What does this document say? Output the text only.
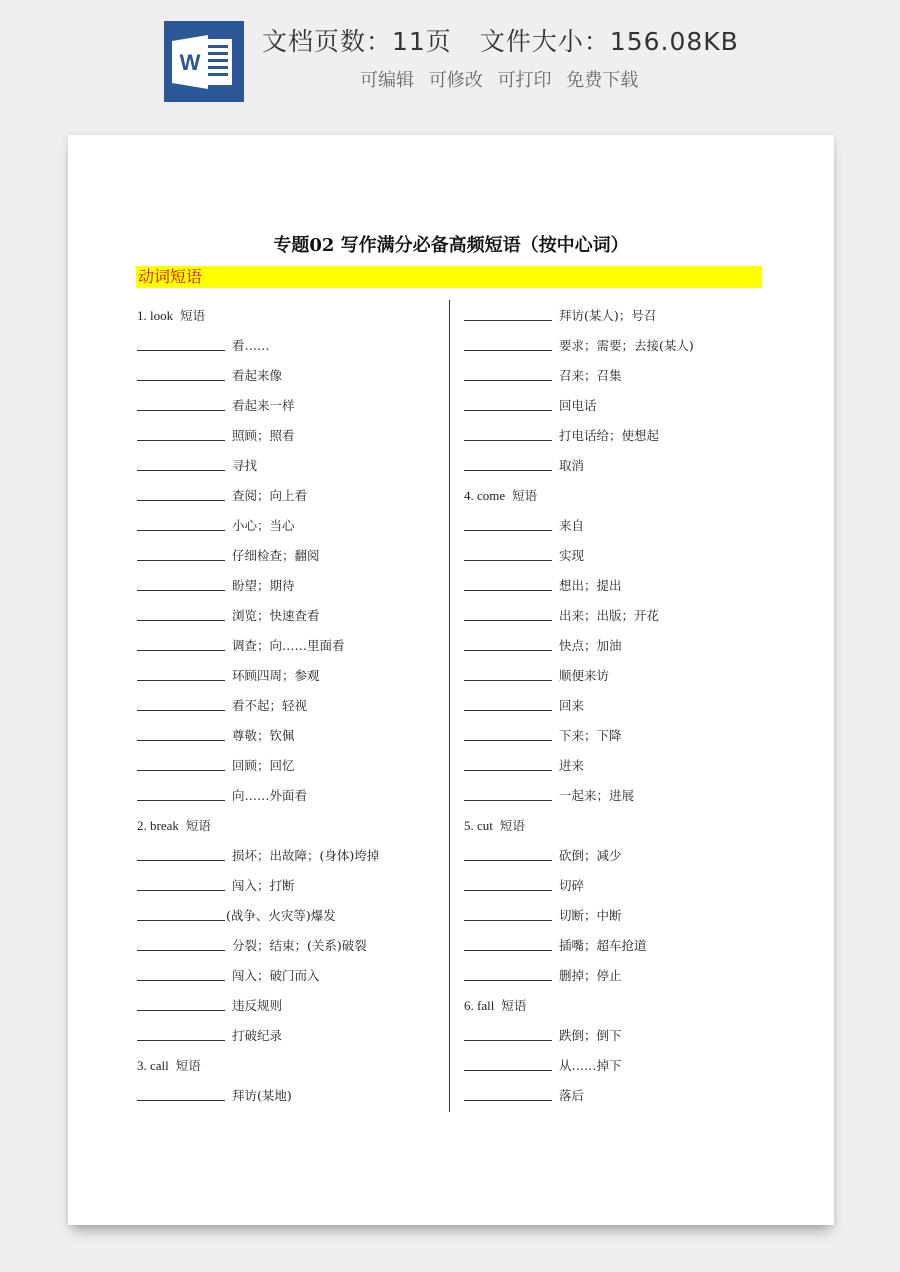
W
文档页数：11页 文件大小：156.08KB
可编辑 可修改 可打印 免费下载
专题02 写作满分必备高频短语（按中心词）
动词短语
1. look 短语
看……
看起来像
看起来一样
照顾；照看
寻找
查阅；向上看
小心；当心
仔细检查；翻阅
盼望；期待
浏览；快速查看
调查；向……里面看
环顾四周；参观
看不起；轻视
尊敬；钦佩
回顾；回忆
向……外面看
2. break 短语
损坏；出故障；(身体)垮掉
闯入；打断
(战争、火灾等)爆发
分裂；结束；(关系)破裂
闯入；破门而入
违反规则
打破纪录
3. call 短语
拜访(某地)
拜访(某人)；号召
要求；需要；去接(某人)
召来；召集
回电话
打电话给；使想起
取消
4. come 短语
来自
实现
想出；提出
出来；出版；开花
快点；加油
顺便来访
回来
下来；下降
进来
一起来；进展
5. cut 短语
砍倒；减少
切碎
切断；中断
插嘴；超车抢道
删掉；停止
6. fall 短语
跌倒；倒下
从……掉下
落后
